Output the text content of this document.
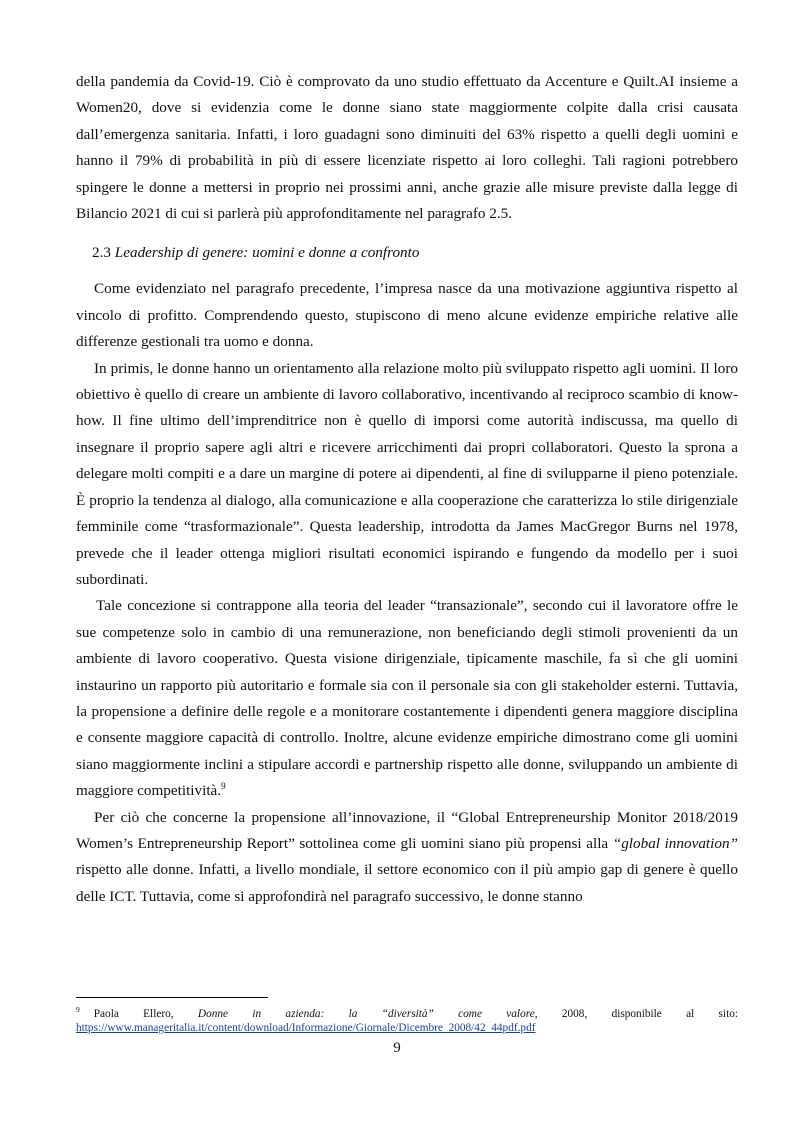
della pandemia da Covid-19. Ciò è comprovato da uno studio effettuato da Accenture e Quilt.AI insieme a Women20, dove si evidenzia come le donne siano state maggiormente colpite dalla crisi causata dall’emergenza sanitaria. Infatti, i loro guadagni sono diminuiti del 63% rispetto a quelli degli uomini e hanno il 79% di probabilità in più di essere licenziate rispetto ai loro colleghi. Tali ragioni potrebbero spingere le donne a mettersi in proprio nei prossimi anni, anche grazie alle misure previste dalla legge di Bilancio 2021 di cui si parlerà più approfonditamente nel paragrafo 2.5.

2.3 Leadership di genere: uomini e donne a confronto

Come evidenziato nel paragrafo precedente, l’impresa nasce da una motivazione aggiuntiva rispetto al vincolo di profitto. Comprendendo questo, stupiscono di meno alcune evidenze empiriche relative alle differenze gestionali tra uomo e donna.

In primis, le donne hanno un orientamento alla relazione molto più sviluppato rispetto agli uomini. Il loro obiettivo è quello di creare un ambiente di lavoro collaborativo, incentivando al reciproco scambio di know-how. Il fine ultimo dell’imprenditrice non è quello di imporsi come autorità indiscussa, ma quello di insegnare il proprio sapere agli altri e ricevere arricchimenti dai propri collaboratori. Questo la sprona a delegare molti compiti e a dare un margine di potere ai dipendenti, al fine di svilupparne il pieno potenziale. È proprio la tendenza al dialogo, alla comunicazione e alla cooperazione che caratterizza lo stile dirigenziale femminile come “trasformazionale”. Questa leadership, introdotta da James MacGregor Burns nel 1978, prevede che il leader ottenga migliori risultati economici ispirando e fungendo da modello per i suoi subordinati.

Tale concezione si contrappone alla teoria del leader “transazionale”, secondo cui il lavoratore offre le sue competenze solo in cambio di una remunerazione, non beneficiando degli stimoli provenienti da un ambiente di lavoro cooperativo. Questa visione dirigenziale, tipicamente maschile, fa sì che gli uomini instaurino un rapporto più autoritario e formale sia con il personale sia con gli stakeholder esterni. Tuttavia, la propensione a definire delle regole e a monitorare costantemente i dipendenti genera maggiore disciplina e consente maggiore capacità di controllo. Inoltre, alcune evidenze empiriche dimostrano come gli uomini siano maggiormente inclini a stipulare accordi e partnership rispetto alle donne, sviluppando un ambiente di maggiore competitività.$^9$

Per ciò che concerne la propensione all’innovazione, il “Global Entrepreneurship Monitor 2018/2019 Women’s Entrepreneurship Report” sottolinea come gli uomini siano più propensi alla “global innovation” rispetto alle donne. Infatti, a livello mondiale, il settore economico con il più ampio gap di genere è quello delle ICT. Tuttavia, come si approfondirà nel paragrafo successivo, le donne stanno

$^9$ Paola Ellero, Donne in azienda: la “diversità” come valore, 2008, disponibile al sito: https://www.manageritalia.it/content/download/Informazione/Giornale/Dicembre_2008/42_44pdf.pdf
9
